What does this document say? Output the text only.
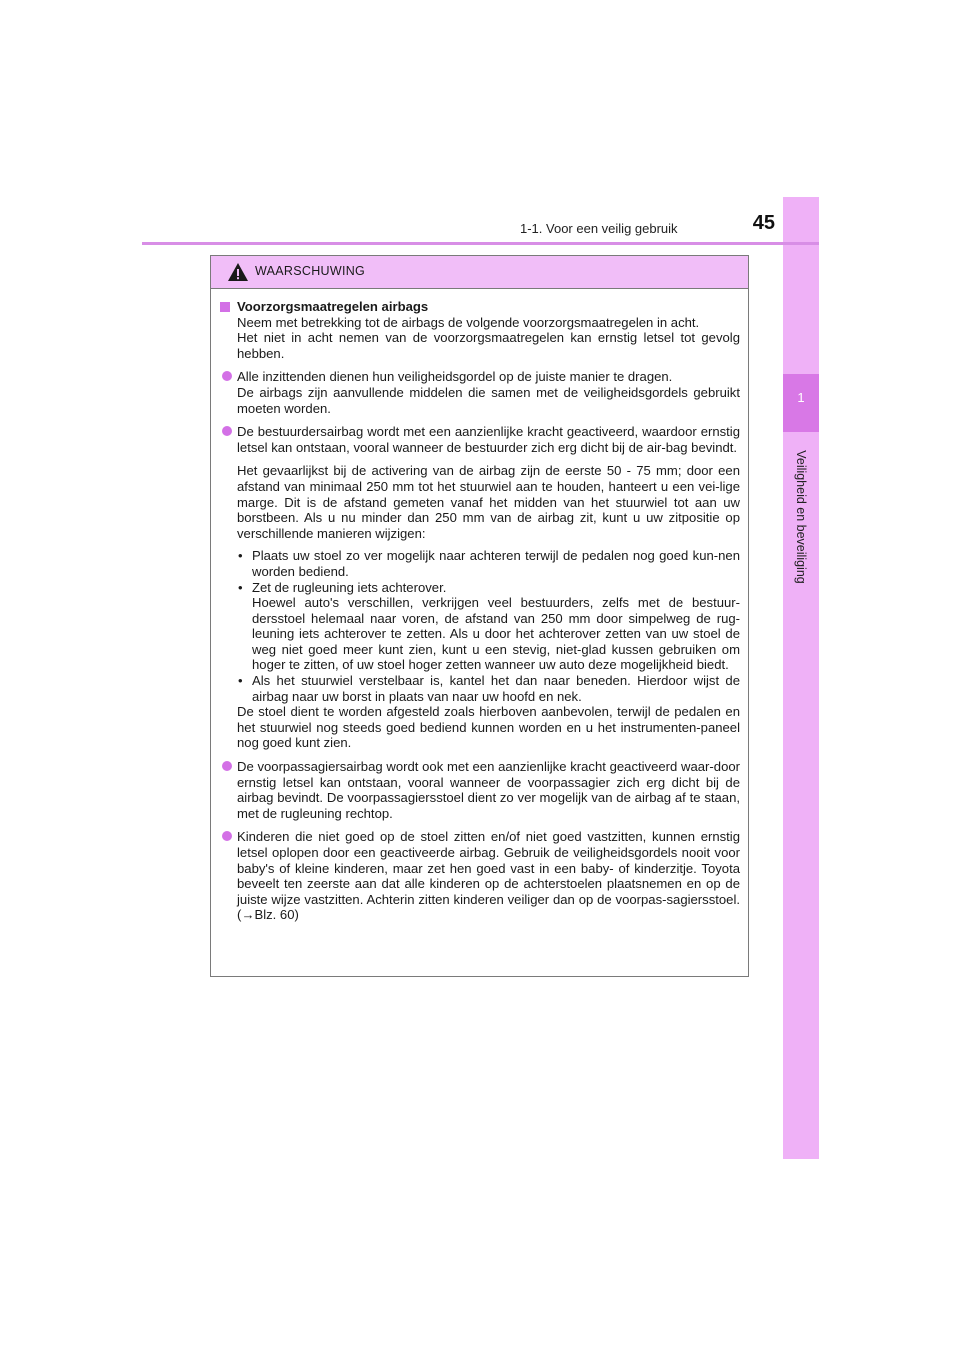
1
Veiligheid en beveiliging
1-1. Voor een veilig gebruik	45
WAARSCHUWING
Voorzorgsmaatregelen airbags

Neem met betrekking tot de airbags de volgende voorzorgsmaatregelen in acht.

Het niet in acht nemen van de voorzorgsmaatregelen kan ernstig letsel tot gevolg hebben.

Alle inzittenden dienen hun veiligheidsgordel op de juiste manier te dragen.

De airbags zijn aanvullende middelen die samen met de veiligheidsgordels gebruikt moeten worden.

De bestuurdersairbag wordt met een aanzienlijke kracht geactiveerd, waardoor ernstig letsel kan ontstaan, vooral wanneer de bestuurder zich erg dicht bij de air-bag bevindt.

Het gevaarlijkst bij de activering van de airbag zijn de eerste 50 - 75 mm; door een afstand van minimaal 250 mm tot het stuurwiel aan te houden, hanteert u een vei-lige marge. Dit is de afstand gemeten vanaf het midden van het stuurwiel tot aan uw borstbeen. Als u nu minder dan 250 mm van de airbag zit, kunt u uw zitpositie op verschillende manieren wijzigen:

• Plaats uw stoel zo ver mogelijk naar achteren terwijl de pedalen nog goed kun-nen worden bediend.

• Zet de rugleuning iets achterover.

Hoewel auto's verschillen, verkrijgen veel bestuurders, zelfs met de bestuur-dersstoel helemaal naar voren, de afstand van 250 mm door simpelweg de rug-leuning iets achterover te zetten. Als u door het achterover zetten van uw stoel de weg niet goed meer kunt zien, kunt u een stevig, niet-glad kussen gebruiken om hoger te zitten, of uw stoel hoger zetten wanneer uw auto deze mogelijkheid biedt.

• Als het stuurwiel verstelbaar is, kantel het dan naar beneden. Hierdoor wijst de airbag naar uw borst in plaats van naar uw hoofd en nek.

De stoel dient te worden afgesteld zoals hierboven aanbevolen, terwijl de pedalen en het stuurwiel nog steeds goed bediend kunnen worden en u het instrumenten-paneel nog goed kunt zien.

De voorpassagiersairbag wordt ook met een aanzienlijke kracht geactiveerd waar-door ernstig letsel kan ontstaan, vooral wanneer de voorpassagier zich erg dicht bij de airbag bevindt. De voorpassagiersstoel dient zo ver mogelijk van de airbag af te staan, met de rugleuning rechtop.

Kinderen die niet goed op de stoel zitten en/of niet goed vastzitten, kunnen ernstig letsel oplopen door een geactiveerde airbag. Gebruik de veiligheidsgordels nooit voor baby's of kleine kinderen, maar zet hen goed vast in een baby- of kinderzitje. Toyota beveelt ten zeerste aan dat alle kinderen op de achterstoelen plaatsnemen en op de juiste wijze vastzitten. Achterin zitten kinderen veiliger dan op de voorpas-sagiersstoel. (→Blz. 60)
